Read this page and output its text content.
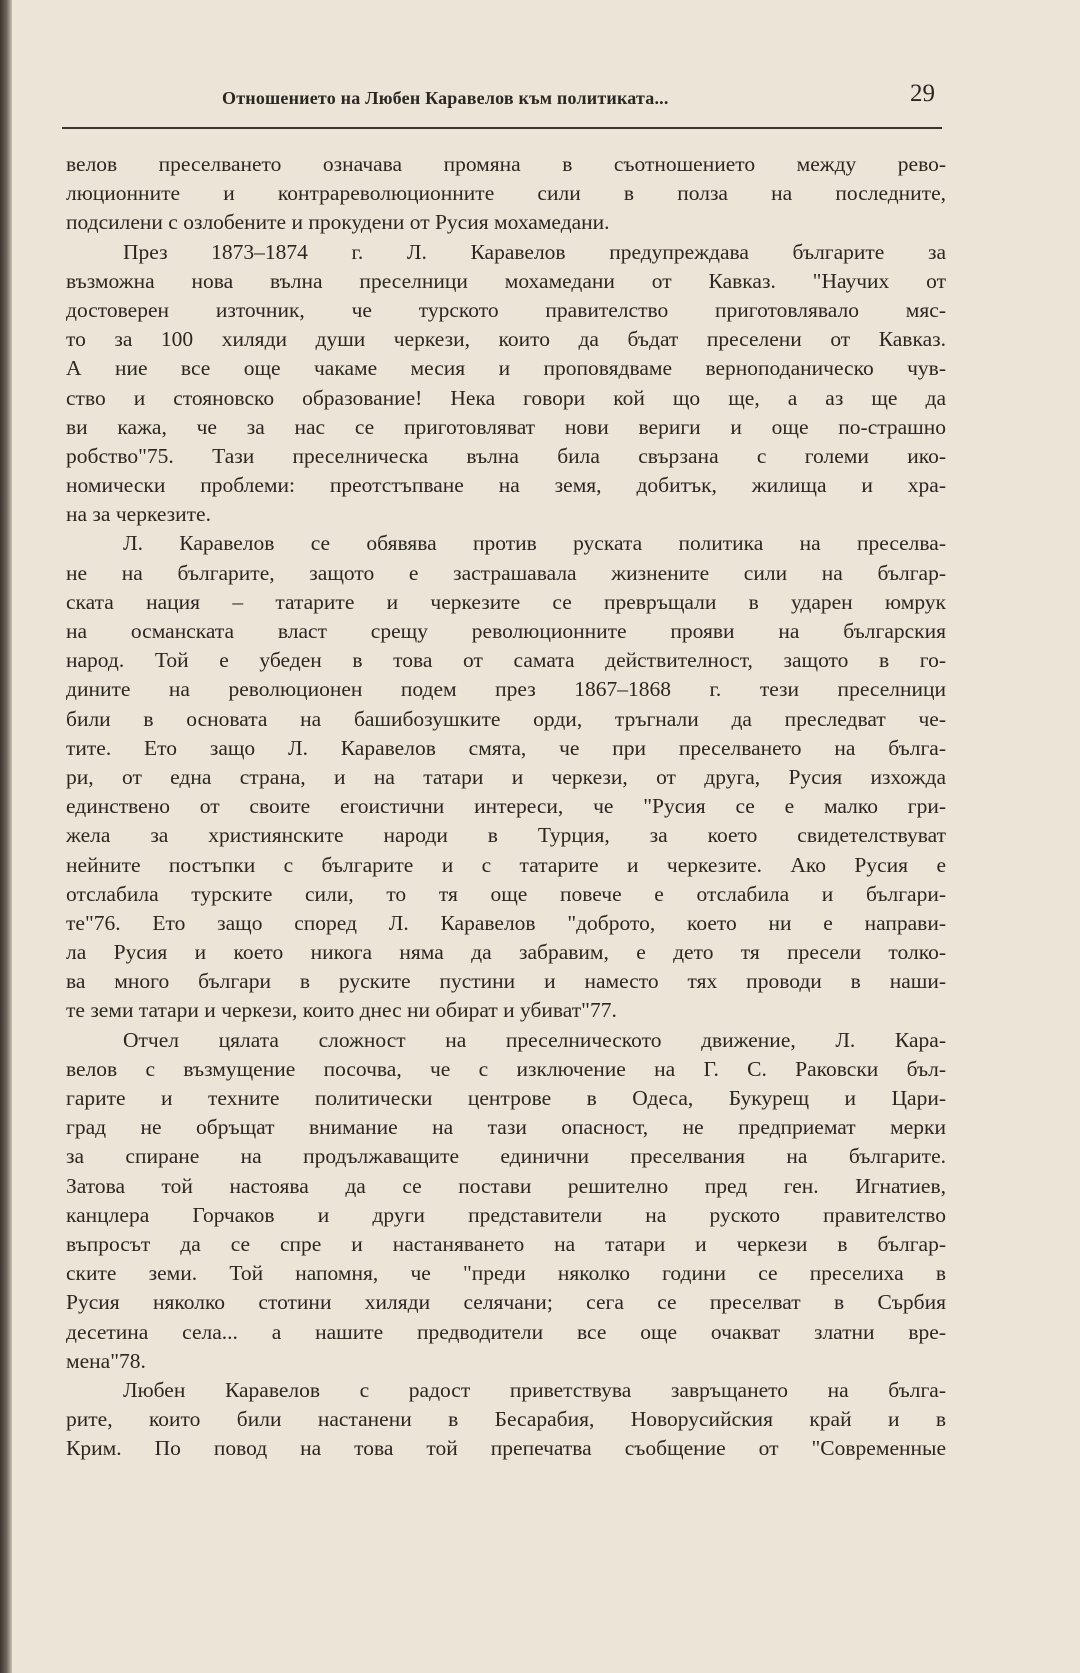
Отношението на Любен Каравелов към политиката...	29
велов преселването означава промяна в съотношението между рево-
люционните и контрареволюционните сили в полза на последните,
подсилени с озлобените и прокудени от Русия мохамедани.
През 1873–1874 г. Л. Каравелов предупреждава българите за
възможна нова вълна преселници мохамедани от Кавказ. "Научих от
достоверен източник, че турското правителство приготовлявало мяс-
то за 100 хиляди души черкези, които да бъдат преселени от Кавказ.
А ние все още чакаме месия и проповядваме верноподаническо чув-
ство и стояновско образование! Нека говори кой що ще, а аз ще да
ви кажа, че за нас се приготовляват нови вериги и още по-страшно
робство"75. Тази преселническа вълна била свързана с големи ико-
номически проблеми: преотстъпване на земя, добитък, жилища и хра-
на за черкезите.
Л. Каравелов се обявява против руската политика на преселва-
не на българите, защото е застрашавала жизнените сили на българ-
ската нация – татарите и черкезите се превръщали в ударен юмрук
на османската власт срещу революционните прояви на българския
народ. Той е убеден в това от самата действителност, защото в го-
дините на революционен подем през 1867–1868 г. тези преселници
били в основата на башибозушките орди, тръгнали да преследват че-
тите. Ето защо Л. Каравелов смята, че при преселването на бълга-
ри, от една страна, и на татари и черкези, от друга, Русия изхожда
единствено от своите егоистични интереси, че "Русия се е малко гри-
жела за християнските народи в Турция, за което свидетелствуват
нейните постъпки с българите и с татарите и черкезите. Ако Русия е
отслабила турските сили, то тя още повече е отслабила и българи-
те"76. Ето защо според Л. Каравелов "доброто, което ни е направи-
ла Русия и което никога няма да забравим, е дето тя пресели толко-
ва много българи в руските пустини и наместо тях проводи в наши-
те земи татари и черкези, които днес ни обират и убиват"77.
Отчел цялата сложност на преселническото движение, Л. Кара-
велов с възмущение посочва, че с изключение на Г. С. Раковски бъл-
гарите и техните политически центрове в Одеса, Букурещ и Цари-
град не обръщат внимание на тази опасност, не предприемат мерки
за спиране на продължаващите единични преселвания на българите.
Затова той настоява да се постави решително пред ген. Игнатиев,
канцлера Горчаков и други представители на руското правителство
въпросът да се спре и настаняването на татари и черкези в българ-
ските земи. Той напомня, че "преди няколко години се преселиха в
Русия няколко стотини хиляди селячани; сега се преселват в Сърбия
десетина села... а нашите предводители все още очакват златни вре-
мена"78.
Любен Каравелов с радост приветствува завръщането на бълга-
рите, които били настанени в Бесарабия, Новорусийския край и в
Крим. По повод на това той препечатва съобщение от "Современные
